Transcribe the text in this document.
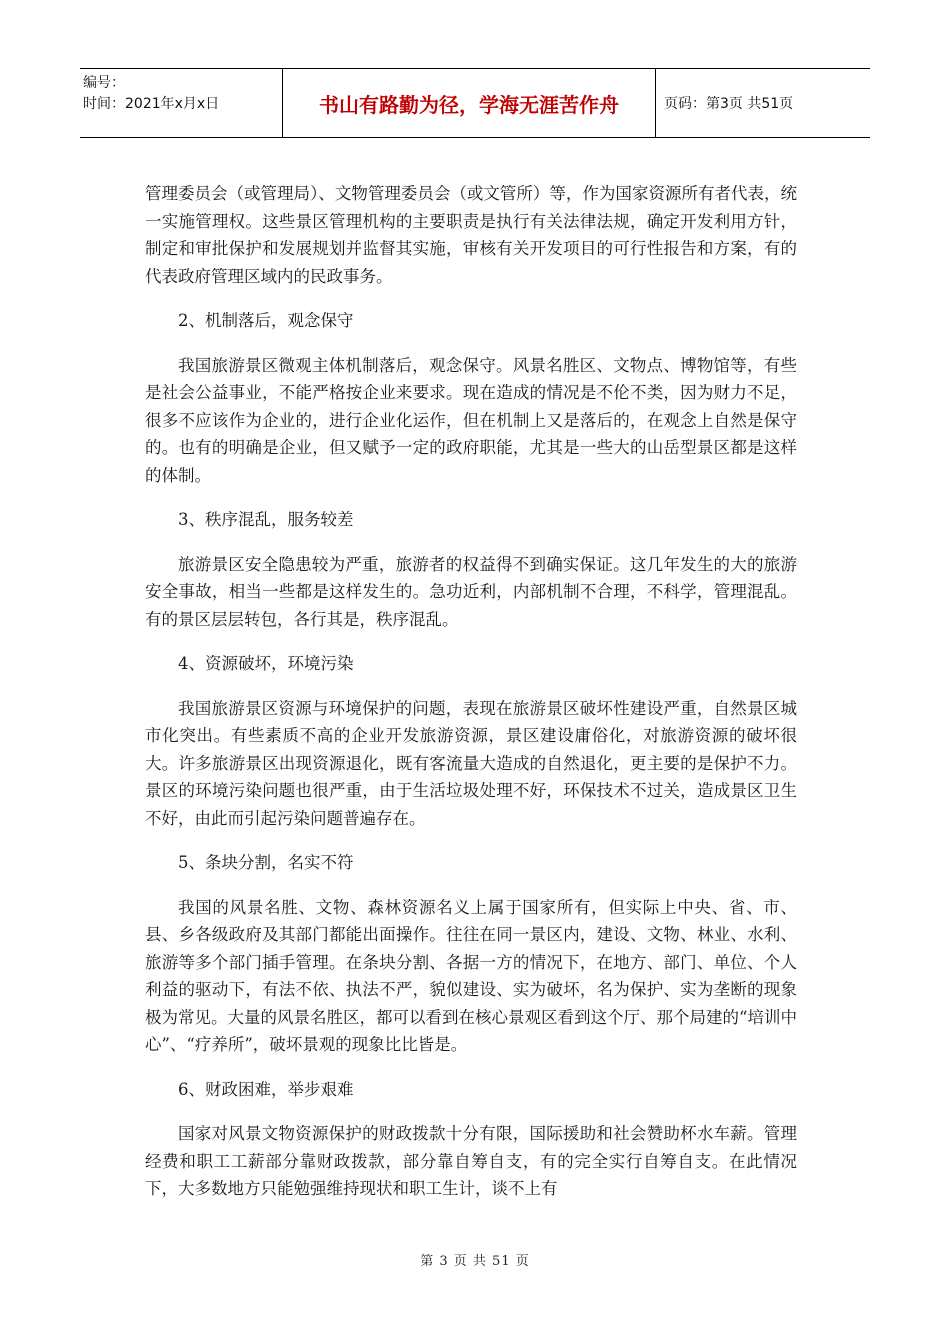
编号：
时间：2021年x月x日	书山有路勤为径，学海无涯苦作舟	页码：第3页 共51页

管理委员会（或管理局）、文物管理委员会（或文管所）等，作为国家资源所有者代表，统一实施管理权。这些景区管理机构的主要职责是执行有关法律法规，确定开发利用方针，制定和审批保护和发展规划并监督其实施，审核有关开发项目的可行性报告和方案，有的代表政府管理区域内的民政事务。

2、机制落后，观念保守

我国旅游景区微观主体机制落后，观念保守。风景名胜区、文物点、博物馆等，有些是社会公益事业，不能严格按企业来要求。现在造成的情况是不伦不类，因为财力不足，很多不应该作为企业的，进行企业化运作，但在机制上又是落后的，在观念上自然是保守的。也有的明确是企业，但又赋予一定的政府职能，尤其是一些大的山岳型景区都是这样的体制。

3、秩序混乱，服务较差

旅游景区安全隐患较为严重，旅游者的权益得不到确实保证。这几年发生的大的旅游安全事故，相当一些都是这样发生的。急功近利，内部机制不合理，不科学，管理混乱。有的景区层层转包，各行其是，秩序混乱。

4、资源破坏，环境污染

我国旅游景区资源与环境保护的问题，表现在旅游景区破坏性建设严重，自然景区城市化突出。有些素质不高的企业开发旅游资源，景区建设庸俗化，对旅游资源的破坏很大。许多旅游景区出现资源退化，既有客流量大造成的自然退化，更主要的是保护不力。景区的环境污染问题也很严重，由于生活垃圾处理不好，环保技术不过关，造成景区卫生不好，由此而引起污染问题普遍存在。

5、条块分割，名实不符

我国的风景名胜、文物、森林资源名义上属于国家所有，但实际上中央、省、市、县、乡各级政府及其部门都能出面操作。往往在同一景区内，建设、文物、林业、水利、旅游等多个部门插手管理。在条块分割、各据一方的情况下，在地方、部门、单位、个人利益的驱动下，有法不依、执法不严，貌似建设、实为破坏，名为保护、实为垄断的现象极为常见。大量的风景名胜区，都可以看到在核心景观区看到这个厅、那个局建的“培训中心”、“疗养所”，破坏景观的现象比比皆是。

6、财政困难，举步艰难

国家对风景文物资源保护的财政拨款十分有限，国际援助和社会赞助杯水车薪。管理经费和职工工薪部分靠财政拨款，部分靠自筹自支，有的完全实行自筹自支。在此情况下，大多数地方只能勉强维持现状和职工生计，谈不上有

第 3 页 共 51 页
